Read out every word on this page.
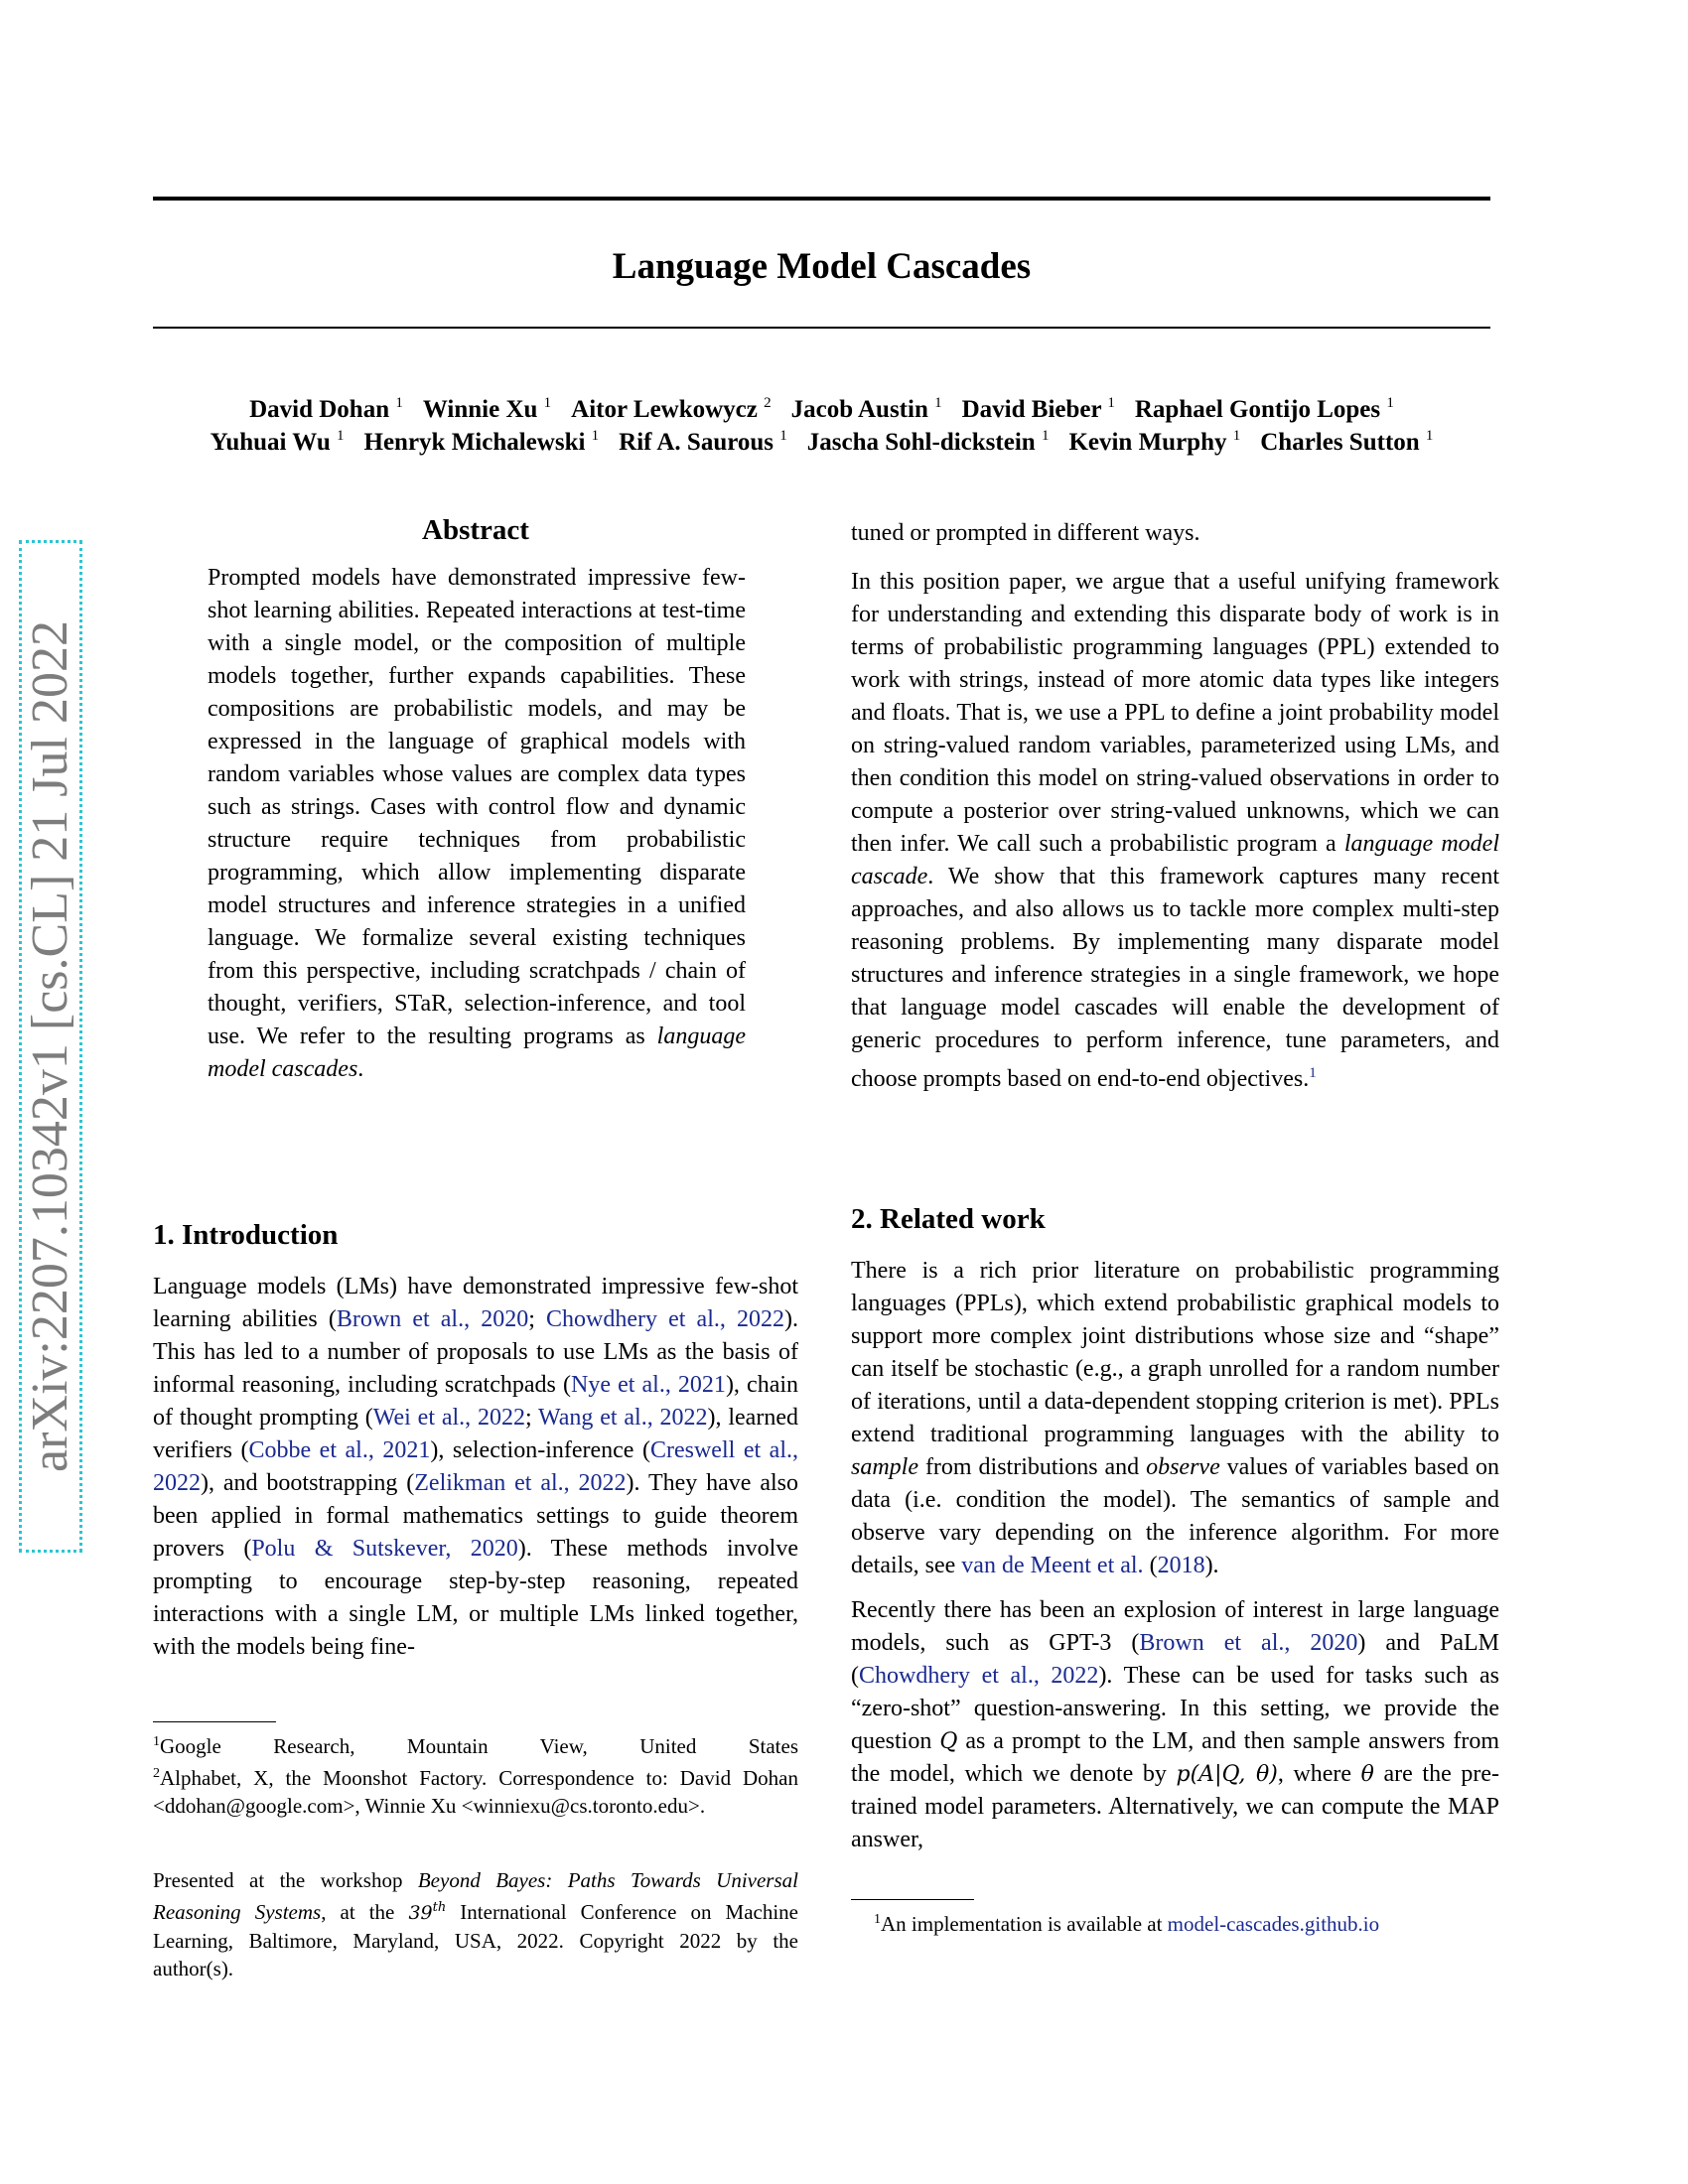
Language Model Cascades
David Dohan $^1$ Winnie Xu $^1$ Aitor Lewkowycz $^2$ Jacob Austin $^1$ David Bieber $^1$ Raphael Gontijo Lopes $^1$
Yuhuai Wu $^1$ Henryk Michalewski $^1$ Rif A. Saurous $^1$ Jascha Sohl-dickstein $^1$ Kevin Murphy $^1$ Charles Sutton $^1$
arXiv:2207.10342v1 [cs.CL] 21 Jul 2022
Abstract

Prompted models have demonstrated impressive few-shot learning abilities. Repeated interactions at test-time with a single model, or the composition of multiple models together, further expands capabilities. These compositions are probabilistic models, and may be expressed in the language of graphical models with random variables whose values are complex data types such as strings. Cases with control flow and dynamic structure require techniques from probabilistic programming, which allow implementing disparate model structures and inference strategies in a unified language. We formalize several existing techniques from this perspective, including scratchpads / chain of thought, verifiers, STaR, selection-inference, and tool use. We refer to the resulting programs as language model cascades.

1. Introduction

Language models (LMs) have demonstrated impressive few-shot learning abilities (Brown et al., 2020; Chowdhery et al., 2022). This has led to a number of proposals to use LMs as the basis of informal reasoning, including scratchpads (Nye et al., 2021), chain of thought prompting (Wei et al., 2022; Wang et al., 2022), learned verifiers (Cobbe et al., 2021), selection-inference (Creswell et al., 2022), and bootstrapping (Zelikman et al., 2022). They have also been applied in formal mathematics settings to guide theorem provers (Polu & Sutskever, 2020). These methods involve prompting to encourage step-by-step reasoning, repeated interactions with a single LM, or multiple LMs linked together, with the models being fine-

$^1$Google Research, Mountain View, United States
$^2$Alphabet, X, the Moonshot Factory. Correspondence to: David Dohan <ddohan@google.com>, Winnie Xu <winniexu@cs.toronto.edu>.
Presented at the workshop Beyond Bayes: Paths Towards Universal Reasoning Systems, at the 39th International Conference on Machine Learning, Baltimore, Maryland, USA, 2022. Copyright 2022 by the author(s).
tuned or prompted in different ways.

In this position paper, we argue that a useful unifying framework for understanding and extending this disparate body of work is in terms of probabilistic programming languages (PPL) extended to work with strings, instead of more atomic data types like integers and floats. That is, we use a PPL to define a joint probability model on string-valued random variables, parameterized using LMs, and then condition this model on string-valued observations in order to compute a posterior over string-valued unknowns, which we can then infer. We call such a probabilistic program a language model cascade. We show that this framework captures many recent approaches, and also allows us to tackle more complex multi-step reasoning problems. By implementing many disparate model structures and inference strategies in a single framework, we hope that language model cascades will enable the development of generic procedures to perform inference, tune parameters, and choose prompts based on end-to-end objectives.$^1$

2. Related work

There is a rich prior literature on probabilistic programming languages (PPLs), which extend probabilistic graphical models to support more complex joint distributions whose size and “shape” can itself be stochastic (e.g., a graph unrolled for a random number of iterations, until a data-dependent stopping criterion is met). PPLs extend traditional programming languages with the ability to sample from distributions and observe values of variables based on data (i.e. condition the model). The semantics of sample and observe vary depending on the inference algorithm. For more details, see van de Meent et al. (2018).

Recently there has been an explosion of interest in large language models, such as GPT-3 (Brown et al., 2020) and PaLM (Chowdhery et al., 2022). These can be used for tasks such as “zero-shot” question-answering. In this setting, we provide the question Q as a prompt to the LM, and then sample answers from the model, which we denote by p(A|Q, θ), where θ are the pre-trained model parameters. Alternatively, we can compute the MAP answer,

$^1$An implementation is available at model-cascades.github.io
